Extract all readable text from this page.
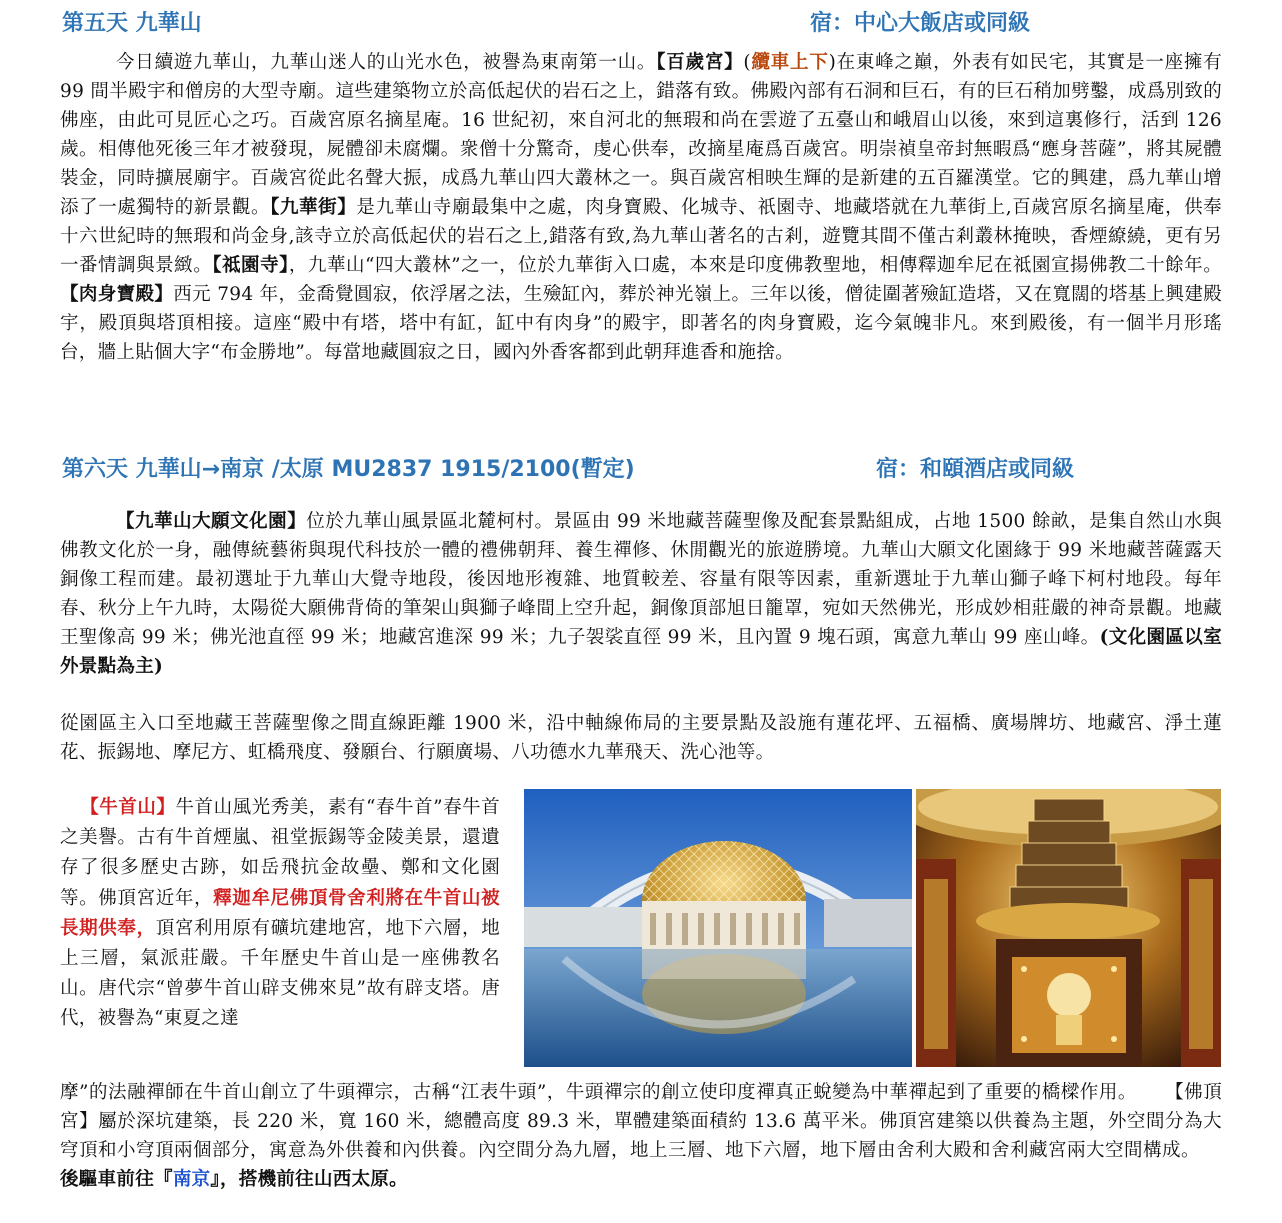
第五天 九華山	宿：中心大飯店或同級
今日續遊九華山，九華山迷人的山光水色，被譽為東南第一山。【百歲宮】(纜車上下)在東峰之巔，外表有如民宅，其實是一座擁有 99 間半殿宇和僧房的大型寺廟。這些建築物立於高低起伏的岩石之上，錯落有致。佛殿內部有石洞和巨石，有的巨石稍加劈鑿，成爲別致的佛座，由此可見匠心之巧。百歲宮原名摘星庵。16 世紀初，來自河北的無瑕和尚在雲遊了五臺山和峨眉山以後，來到這裏修行，活到 126 歲。相傳他死後三年才被發現，屍體卻未腐爛。衆僧十分驚奇，虔心供奉，改摘星庵爲百歲宮。明崇禎皇帝封無暇爲“應身菩薩”，將其屍體裝金，同時擴展廟宇。百歲宮從此名聲大振，成爲九華山四大叢林之一。與百歲宮相映生輝的是新建的五百羅漢堂。它的興建，爲九華山增添了一處獨特的新景觀。【九華街】是九華山寺廟最集中之處，肉身寶殿、化城寺、祇園寺、地藏塔就在九華街上,百歲宮原名摘星庵，供奉十六世紀時的無瑕和尚金身,該寺立於高低起伏的岩石之上,錯落有致,為九華山著名的古剎，遊覽其間不僅古剎叢林掩映，香煙繚繞，更有另一番情調與景緻。【祗園寺】，九華山“四大叢林”之一，位於九華街入口處，本來是印度佛教聖地，相傳釋迦牟尼在祗園宣揚佛教二十餘年。【肉身寶殿】西元 794 年，金喬覺圓寂，依浮屠之法，生殮缸內，葬於神光嶺上。三年以後，僧徒圍著殮缸造塔，又在寬闊的塔基上興建殿宇，殿頂與塔頂相接。這座“殿中有塔，塔中有缸，缸中有肉身”的殿宇，即著名的肉身寶殿，迄今氣魄非凡。來到殿後，有一個半月形瑤台，牆上貼個大字“布金勝地”。每當地藏圓寂之日，國內外香客都到此朝拜進香和施捨。
第六天 九華山→南京 /太原 MU2837 1915/2100(暫定)	宿：和頤酒店或同級
【九華山大願文化園】位於九華山風景區北麓柯村。景區由 99 米地藏菩薩聖像及配套景點組成，占地 1500 餘畝，是集自然山水與佛教文化於一身，融傳統藝術與現代科技於一體的禮佛朝拜、養生禪修、休閒觀光的旅遊勝境。九華山大願文化園緣于 99 米地藏菩薩露天銅像工程而建。最初選址于九華山大覺寺地段，後因地形複雜、地質較差、容量有限等因素，重新選址于九華山獅子峰下柯村地段。每年春、秋分上午九時，太陽從大願佛背倚的筆架山與獅子峰間上空升起，銅像頂部旭日籠罩，宛如天然佛光，形成妙相莊嚴的神奇景觀。地藏王聖像高 99 米；佛光池直徑 99 米；地藏宮進深 99 米；九子袈裟直徑 99 米，且內置 9 塊石頭，寓意九華山 99 座山峰。(文化園區以室外景點為主)
從園區主入口至地藏王菩薩聖像之間直線距離 1900 米，沿中軸線佈局的主要景點及設施有蓮花坪、五福橋、廣場牌坊、地藏宮、淨土蓮花、振錫地、摩尼方、虹橋飛度、發願台、行願廣場、八功德水九華飛天、洗心池等。
【牛首山】牛首山風光秀美，素有“春牛首”春牛首之美譽。古有牛首煙嵐、祖堂振錫等金陵美景，還遺存了很多歷史古跡，如岳飛抗金故壘、鄭和文化園等。佛頂宮近年，釋迦牟尼佛頂骨舍利將在牛首山被長期供奉，頂宮利用原有礦坑建地宮，地下六層，地上三層，氣派莊嚴。千年歷史牛首山是一座佛教名山。唐代宗“曾夢牛首山辟支佛來見”故有辟支塔。唐代，被譽為“東夏之達
摩”的法融禪師在牛首山創立了牛頭禪宗，古稱“江表牛頭”，牛頭禪宗的創立使印度禪真正蛻變為中華禪起到了重要的橋樑作用。 【佛頂宮】屬於深坑建築，長 220 米，寬 160 米，總體高度 89.3 米，單體建築面積約 13.6 萬平米。佛頂宮建築以供養為主題，外空間分為大穹頂和小穹頂兩個部分，寓意為外供養和內供養。內空間分為九層，地上三層、地下六層，地下層由舍利大殿和舍利藏宮兩大空間構成。後驅車前往『南京』，搭機前往山西太原。
